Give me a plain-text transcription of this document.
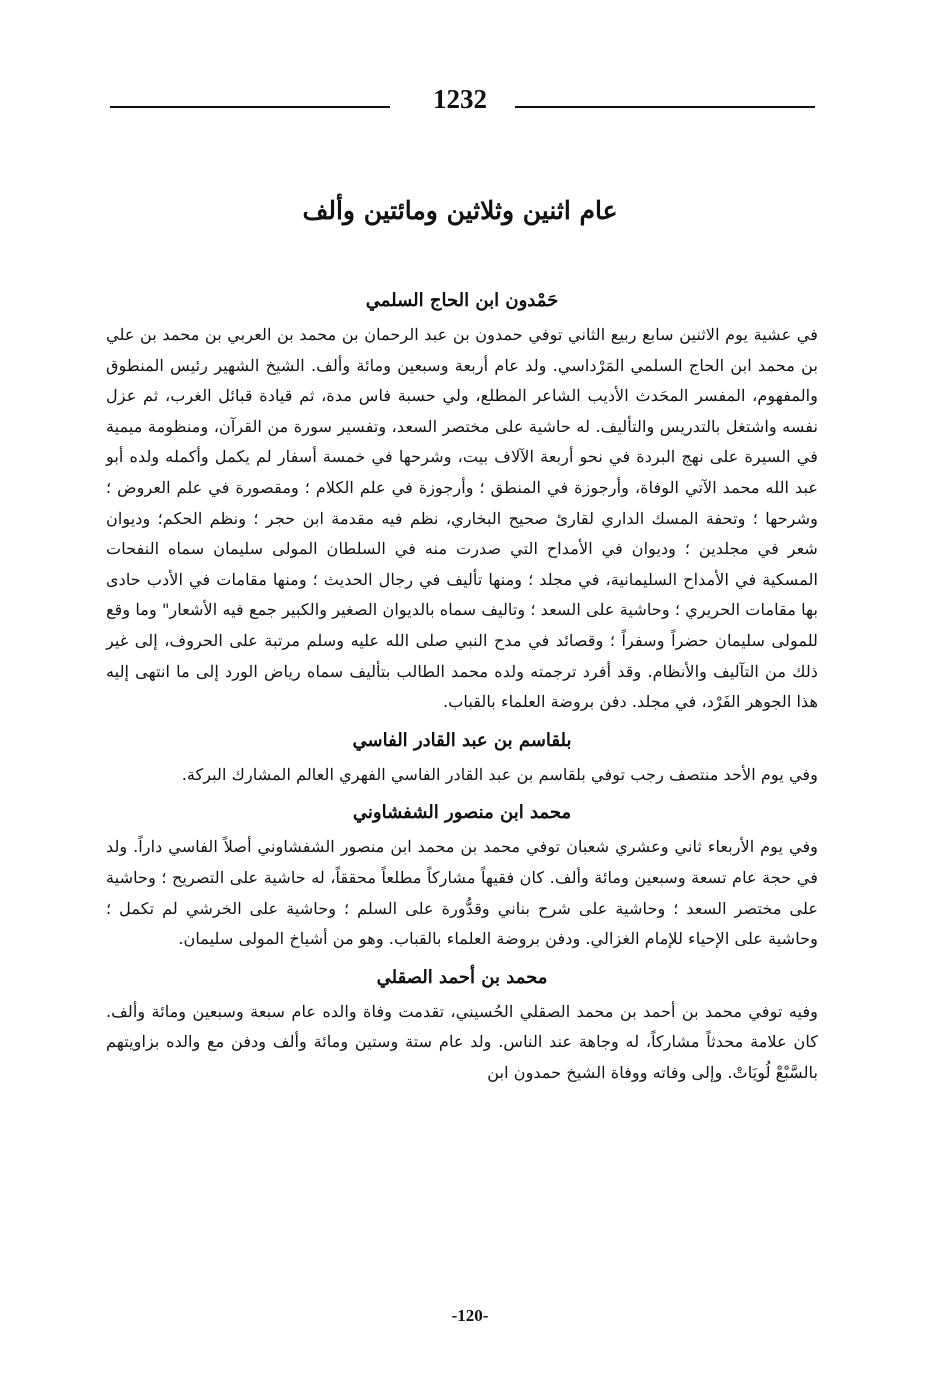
1232
عام اثنين وثلاثين ومائتين وألف

حَمْدون ابن الحاج السلمي

في عشية يوم الاثنين سابع ربيع الثاني توفي حمدون بن عبد الرحمان بن محمد بن العربي بن محمد بن علي بن محمد ابن الحاج السلمي المَرْداسي. ولد عام أربعة وسبعين ومائة وألف. الشيخ الشهير رئيس المنطوق والمفهوم، المفسر المحَدث الأديب الشاعر المطلع، ولي حسبة فاس مدة، ثم قيادة قبائل الغرب، ثم عزل نفسه واشتغل بالتدريس والتأليف. له حاشية على مختصر السعد، وتفسير سورة من القرآن، ومنظومة ميمية في السيرة على نهج البردة في نحو أربعة الآلاف بيت، وشرحها في خمسة أسفار لم يكمل وأكمله ولده أبو عبد الله محمد الآتي الوفاة، وأرجوزة في المنطق ؛ وأرجوزة في علم الكلام ؛ ومقصورة في علم العروض ؛ وشرحها ؛ وتحفة المسك الداري لقارئ صحيح البخاري، نظم فيه مقدمة ابن حجر ؛ ونظم الحكم؛ وديوان شعر في مجلدين ؛ وديوان في الأمداح التي صدرت منه في السلطان المولى سليمان سماه النفحات المسكية في الأمداح السليمانية، في مجلد ؛ ومنها تأليف في رجال الحديث ؛ ومنها مقامات في الأدب حادى بها مقامات الحريري ؛ وحاشية على السعد ؛ وتاليف سماه بالديوان الصغير والكبير جمع فيه الأشعار" وما وقع للمولى سليمان حضراً وسفراً ؛ وقصائد في مدح النبي صلى الله عليه وسلم مرتبة على الحروف، إلى غير ذلك من التآليف والأنظام. وقد أفرد ترجمته ولده محمد الطالب بتأليف سماه رياض الورد إلى ما انتهى إليه هذا الجوهر الفَرْد، في مجلد. دفن بروضة العلماء بالقباب.

بلقاسم بن عبد القادر الفاسي

وفي يوم الأحد منتصف رجب توفي بلقاسم بن عبد القادر الفاسي الفهري العالم المشارك البركة.

محمد ابن منصور الشفشاوني

وفي يوم الأربعاء ثاني وعشري شعبان توفي محمد بن محمد ابن منصور الشفشاوني أصلاً الفاسي داراً. ولد في حجة عام تسعة وسبعين ومائة وألف. كان فقيهاً مشاركاً مطلعاً محققاً، له حاشية على التصريح ؛ وحاشية على مختصر السعد ؛ وحاشية على شرح بناني وقدُّورة على السلم ؛ وحاشية على الخرشي لم تكمل ؛ وحاشية على الإحياء للإمام الغزالي. ودفن بروضة العلماء بالقباب. وهو من أشياخ المولى سليمان.

محمد بن أحمد الصقلي

وفيه توفي محمد بن أحمد بن محمد الصقلي الحُسيني، تقدمت وفاة والده عام سبعة وسبعين ومائة وألف. كان علامة محدثاً مشاركاً، له وجاهة عند الناس. ولد عام ستة وستين ومائة وألف ودفن مع والده بزاويتهم بالسَّبْعْ لُويَاتْ. وإلى وفاته ووفاة الشيخ حمدون ابن

-120-
